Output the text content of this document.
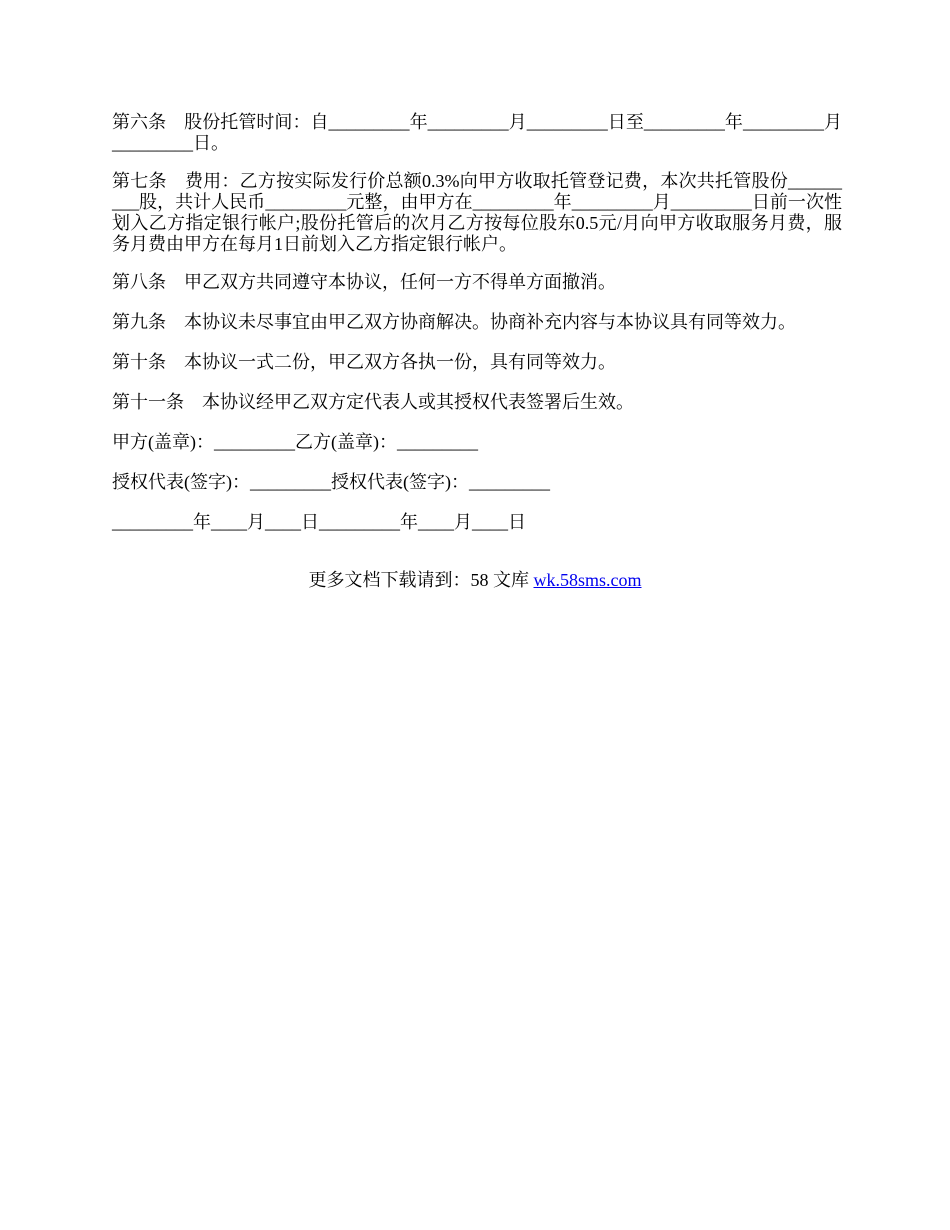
第六条　股份托管时间：自_________年_________月_________日至_________年_________月_________日。

第七条　费用：乙方按实际发行价总额0.3%向甲方收取托管登记费，本次共托管股份_________股，共计人民币_________元整，由甲方在_________年_________月_________日前一次性划入乙方指定银行帐户;股份托管后的次月乙方按每位股东0.5元/月向甲方收取服务月费，服务月费由甲方在每月1日前划入乙方指定银行帐户。

第八条　甲乙双方共同遵守本协议，任何一方不得单方面撤消。

第九条　本协议未尽事宜由甲乙双方协商解决。协商补充内容与本协议具有同等效力。

第十条　本协议一式二份，甲乙双方各执一份，具有同等效力。

第十一条　本协议经甲乙双方定代表人或其授权代表签署后生效。

甲方(盖章)：_________乙方(盖章)：_________

授权代表(签字)：_________授权代表(签字)：_________

_________年____月____日_________年____月____日

更多文档下载请到：58 文库 wk.58sms.com
